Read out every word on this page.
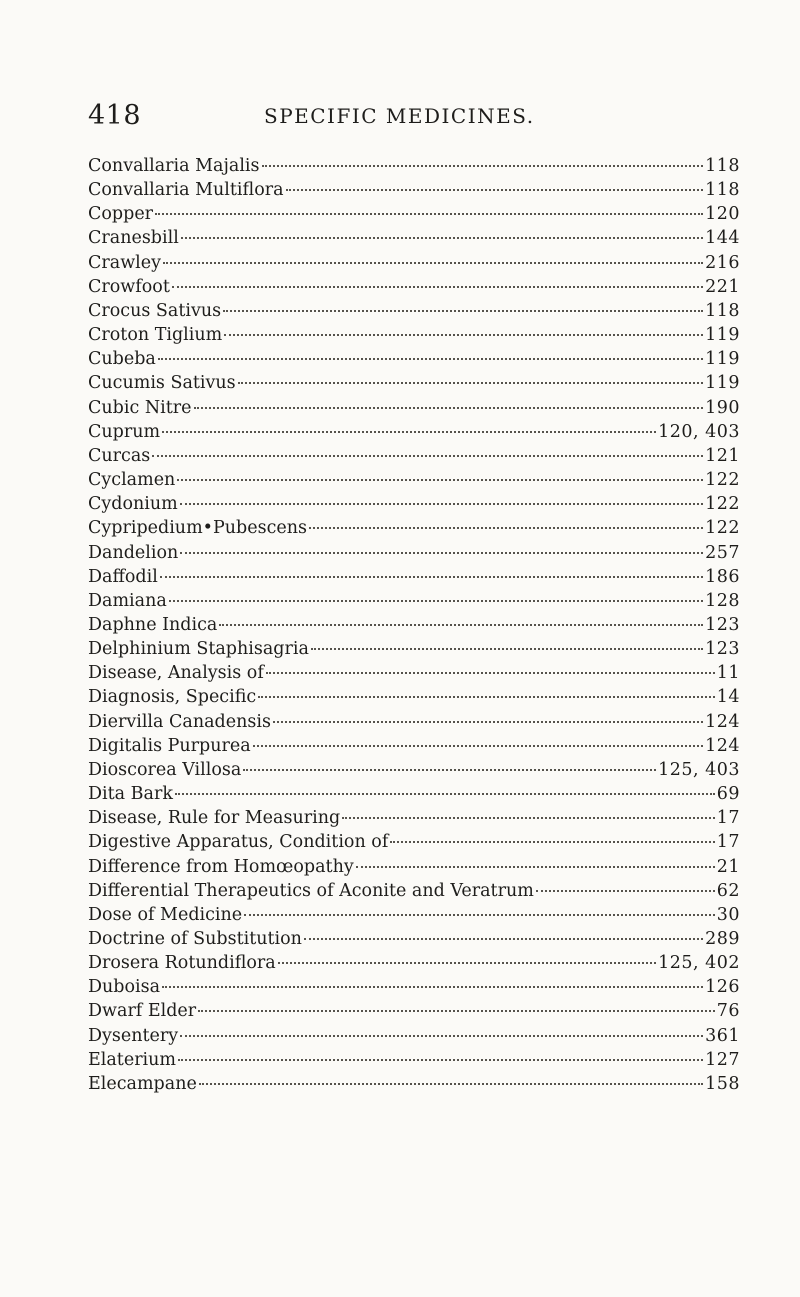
418	SPECIFIC MEDICINES.
Convallaria Majalis	118
Convallaria Multiflora	118
Copper	120
Cranesbill	144
Crawley	216
Crowfoot	221
Crocus Sativus	118
Croton Tiglium	119
Cubeba	119
Cucumis Sativus	119
Cubic Nitre	190
Cuprum	120, 403
Curcas	121
Cyclamen	122
Cydonium	122
Cypripedium•Pubescens	122
Dandelion	257
Daffodil	186
Damiana	128
Daphne Indica	123
Delphinium Staphisagria	123
Disease, Analysis of	11
Diagnosis, Specific	14
Diervilla Canadensis	124
Digitalis Purpurea	124
Dioscorea Villosa	125, 403
Dita Bark	69
Disease, Rule for Measuring	17
Digestive Apparatus, Condition of	17
Difference from Homœopathy	21
Differential Therapeutics of Aconite and Veratrum	62
Dose of Medicine	30
Doctrine of Substitution	289
Drosera Rotundiflora	125, 402
Duboisa	126
Dwarf Elder	76
Dysentery	361
Elaterium	127
Elecampane	158
